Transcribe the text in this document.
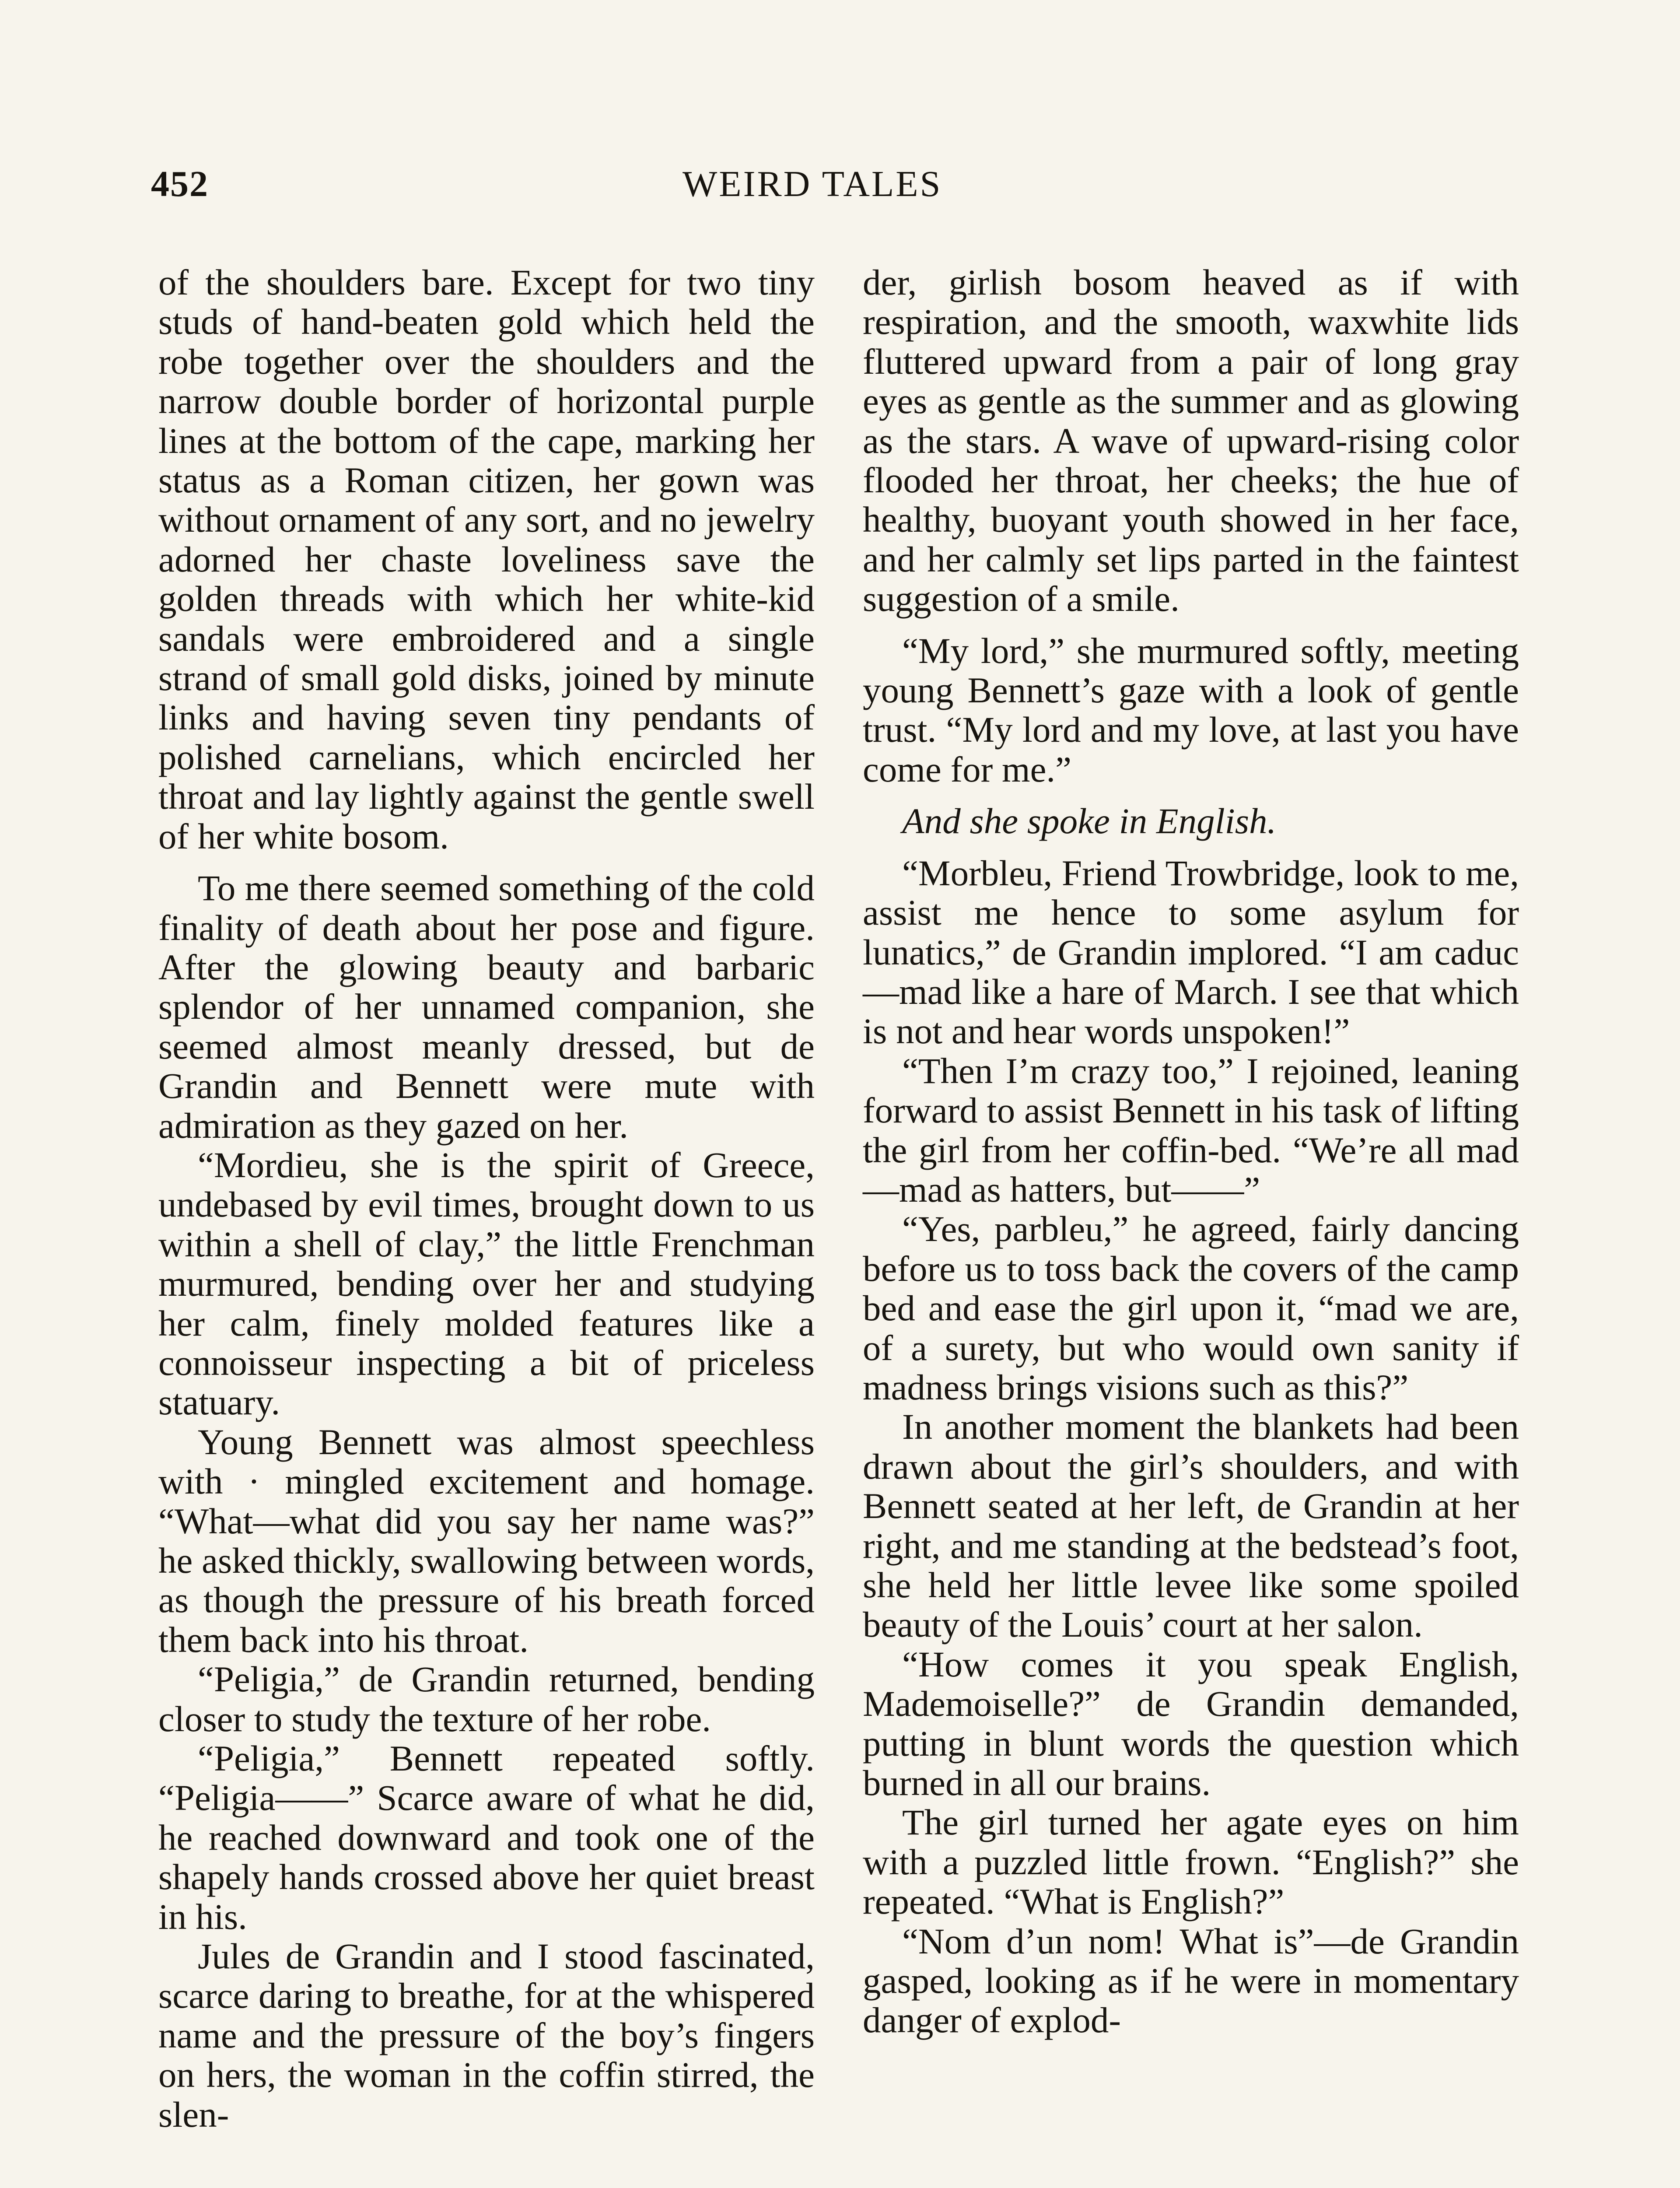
452	WEIRD TALES

of the shoulders bare. Except for two tiny studs of hand-beaten gold which held the robe together over the shoulders and the narrow double border of horizontal purple lines at the bottom of the cape, marking her status as a Roman citizen, her gown was without ornament of any sort, and no jewelry adorned her chaste loveliness save the golden threads with which her white-kid sandals were embroidered and a single strand of small gold disks, joined by minute links and having seven tiny pendants of polished carnelians, which encircled her throat and lay lightly against the gentle swell of her white bosom.

To me there seemed something of the cold finality of death about her pose and figure. After the glowing beauty and barbaric splendor of her unnamed companion, she seemed almost meanly dressed, but de Grandin and Bennett were mute with admiration as they gazed on her.

“Mordieu, she is the spirit of Greece, undebased by evil times, brought down to us within a shell of clay,” the little Frenchman murmured, bending over her and studying her calm, finely molded features like a connoisseur inspecting a bit of priceless statuary.

Young Bennett was almost speechless with · mingled excitement and homage. “What—what did you say her name was?” he asked thickly, swallowing between words, as though the pressure of his breath forced them back into his throat.

“Peligia,” de Grandin returned, bending closer to study the texture of her robe.

“Peligia,” Bennett repeated softly. “Peligia——” Scarce aware of what he did, he reached downward and took one of the shapely hands crossed above her quiet breast in his.

Jules de Grandin and I stood fascinated, scarce daring to breathe, for at the whispered name and the pressure of the boy’s fingers on hers, the woman in the coffin stirred, the slen-

der, girlish bosom heaved as if with respiration, and the smooth, waxwhite lids fluttered upward from a pair of long gray eyes as gentle as the summer and as glowing as the stars. A wave of upward-rising color flooded her throat, her cheeks; the hue of healthy, buoyant youth showed in her face, and her calmly set lips parted in the faintest suggestion of a smile.

“My lord,” she murmured softly, meeting young Bennett’s gaze with a look of gentle trust. “My lord and my love, at last you have come for me.”

And she spoke in English.

“Morbleu, Friend Trowbridge, look to me, assist me hence to some asylum for lunatics,” de Grandin implored. “I am caduc—mad like a hare of March. I see that which is not and hear words unspoken!”

“Then I’m crazy too,” I rejoined, leaning forward to assist Bennett in his task of lifting the girl from her coffin-bed. “We’re all mad—mad as hatters, but——”

“Yes, parbleu,” he agreed, fairly dancing before us to toss back the covers of the camp bed and ease the girl upon it, “mad we are, of a surety, but who would own sanity if madness brings visions such as this?”

In another moment the blankets had been drawn about the girl’s shoulders, and with Bennett seated at her left, de Grandin at her right, and me standing at the bedstead’s foot, she held her little levee like some spoiled beauty of the Louis’ court at her salon.

“How comes it you speak English, Mademoiselle?” de Grandin demanded, putting in blunt words the question which burned in all our brains.

The girl turned her agate eyes on him with a puzzled little frown. “English?” she repeated. “What is English?”

“Nom d’un nom! What is”—de Grandin gasped, looking as if he were in momentary danger of explod-
